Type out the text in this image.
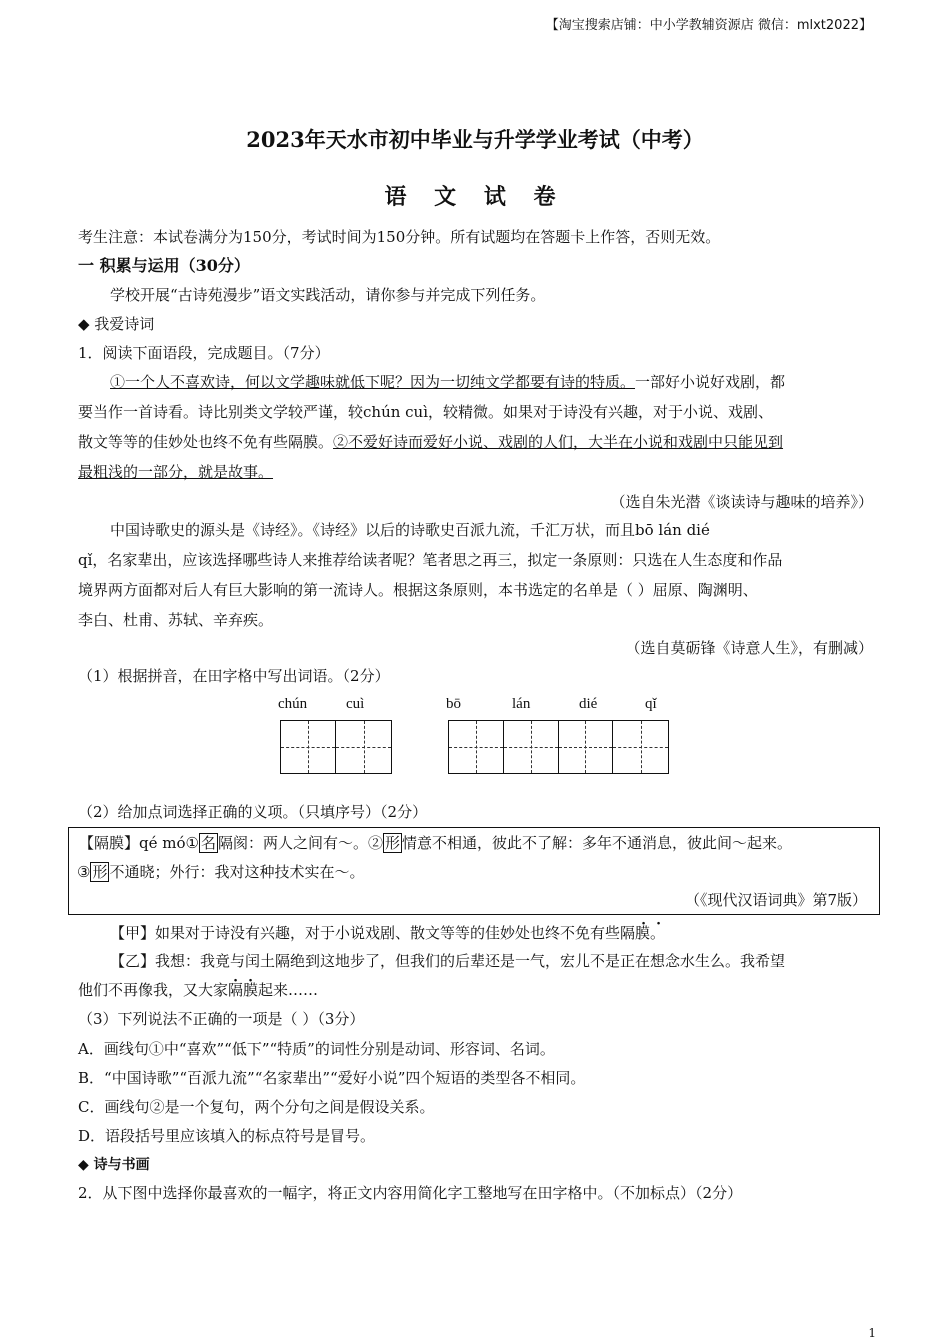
【淘宝搜索店铺：中小学教辅资源店 微信：mlxt2022】
2023年天水市初中毕业与升学学业考试（中考）
语 文 试 卷
考生注意：本试卷满分为150分，考试时间为150分钟。所有试题均在答题卡上作答，否则无效。
一 积累与运用（30分）
学校开展“古诗苑漫步”语文实践活动，请你参与并完成下列任务。
◆ 我爱诗词
1．阅读下面语段，完成题目。（7分）
①一个人不喜欢诗，何以文学趣味就低下呢？因为一切纯文学都要有诗的特质。一部好小说好戏剧，都
要当作一首诗看。诗比别类文学较严谨，较chún cuì，较精微。如果对于诗没有兴趣，对于小说、戏剧、
散文等等的佳妙处也终不免有些隔膜。②不爱好诗而爱好小说、戏剧的人们，大半在小说和戏剧中只能见到
最粗浅的一部分，就是故事。
（选自朱光潜《谈读诗与趣味的培养》）
中国诗歌史的源头是《诗经》。《诗经》以后的诗歌史百派九流，千汇万状，而且bō lán dié
qǐ，名家辈出，应该选择哪些诗人来推荐给读者呢？笔者思之再三，拟定一条原则：只选在人生态度和作品
境界两方面都对后人有巨大影响的第一流诗人。根据这条原则，本书选定的名单是（ ）屈原、陶渊明、
李白、杜甫、苏轼、辛弃疾。
（选自莫砺锋《诗意人生》，有删减）
（1）根据拼音，在田字格中写出词语。（2分）
chún	cuì	bō	lán	dié	qǐ
（2）给加点词选择正确的义项。（只填序号）（2分）
【隔膜】qé mó① 名 隔阂：两人之间有～。② 形 情意不相通，彼此不了解：多年不通消息，彼此间～起来。
③ 形 不通晓；外行：我对这种技术实在～。
（《现代汉语词典》第7版）
【甲】如果对于诗没有兴趣，对于小说戏剧、散文等等的佳妙处也终不免有些隔膜。
【乙】我想：我竟与闰土隔绝到这地步了，但我们的后辈还是一气，宏儿不是正在想念水生么。我希望
他们不再像我，又大家隔膜起来……
（3）下列说法不正确的一项是（ ）（3分）
A．画线句①中“喜欢”“低下”“特质”的词性分别是动词、形容词、名词。
B．“中国诗歌”“百派九流”“名家辈出”“爱好小说”四个短语的类型各不相同。
C．画线句②是一个复句，两个分句之间是假设关系。
D．语段括号里应该填入的标点符号是冒号。
◆ 诗与书画
2．从下图中选择你最喜欢的一幅字，将正文内容用简化字工整地写在田字格中。（不加标点）（2分）
1
